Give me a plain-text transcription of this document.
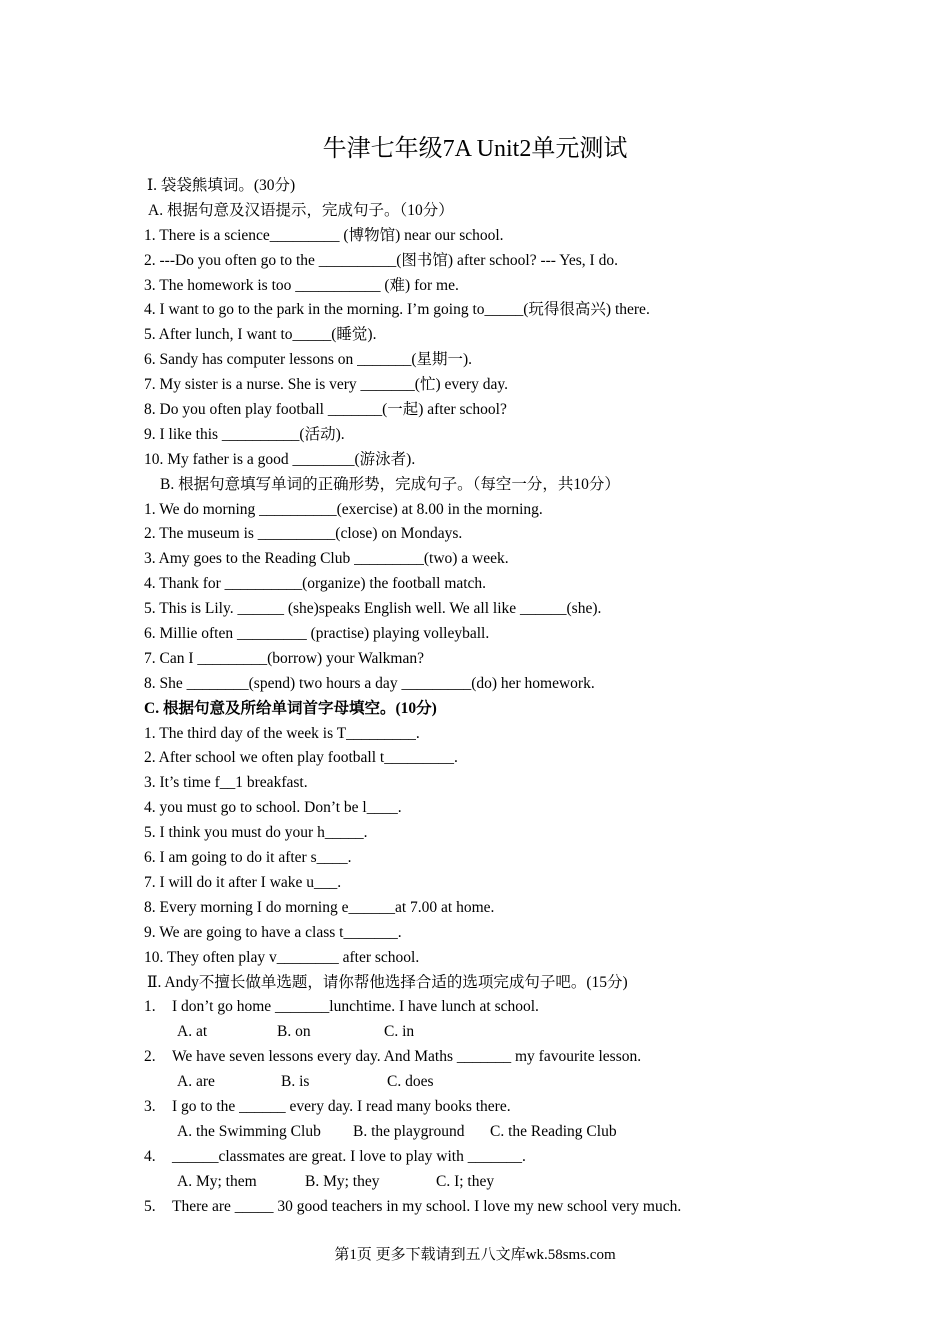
牛津七年级7A Unit2单元测试
Ⅰ. 袋袋熊填词。(30分)
A. 根据句意及汉语提示，完成句子。（10分）
1. There is a science_________ (博物馆) near our school.
2. ---Do you often go to the __________(图书馆) after school? --- Yes, I do.
3. The homework is too ___________ (难) for me.
4. I want to go to the park in the morning. I’m going to_____(玩得很高兴) there.
5. After lunch, I want to_____(睡觉).
6. Sandy has computer lessons on _______(星期一).
7. My sister is a nurse. She is very _______(忙) every day.
8. Do you often play football _______(一起) after school?
9. I like this __________(活动).
10. My father is a good ________(游泳者).
B. 根据句意填写单词的正确形势，完成句子。（每空一分，共10分）
1. We do morning __________(exercise) at 8.00 in the morning.
2. The museum is __________(close) on Mondays.
3. Amy goes to the Reading Club _________(two) a week.
4. Thank for __________(organize) the football match.
5. This is Lily. ______ (she)speaks English well. We all like ______(she).
6. Millie often _________ (practise) playing volleyball.
7. Can I _________(borrow) your Walkman?
8. She ________(spend) two hours a day _________(do) her homework.
C. 根据句意及所给单词首字母填空。(10分)
1. The third day of the week is T_________.
2. After school we often play football t_________.
3. It’s time f__1 breakfast.
4. you must go to school. Don’t be l____.
5. I think you must do your h_____.
6. I am going to do it after s____.
7. I will do it after I wake u___.
8. Every morning I do morning e______at 7.00 at home.
9. We are going to have a class t_______.
10. They often play v________ after school.
Ⅱ. Andy不擅长做单选题，请你帮他选择合适的选项完成句子吧。(15分)
1.	I don’t go home _______lunchtime. I have lunch at school.
A. at	B. on	C. in
2.	We have seven lessons every day. And Maths _______ my favourite lesson.
A. are	B. is	C. does
3.	I go to the ______ every day. I read many books there.
A. the Swimming Club B. the playground C. the Reading Club
4.	______classmates are great. I love to play with _______.
A. My; them	B. My; they	C. I; they
5.	There are _____ 30 good teachers in my school. I love my new school very much.
第1页 更多下载请到五八文库wk.58sms.com
